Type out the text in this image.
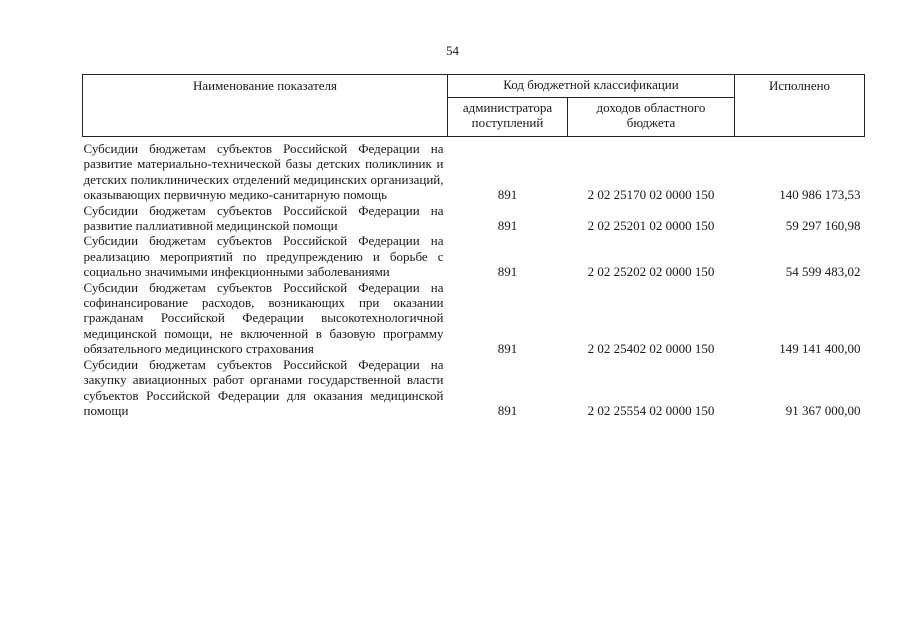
54
Наименование показателя	Код бюджетной классификации		Исполнено
	администратора поступлений	доходов областного бюджета	
Субсидии бюджетам субъектов Российской Федерации на развитие материально-технической базы детских поликлиник и детских поликлинических отделений медицинских организаций, оказывающих первичную медико-санитарную помощь	891	2 02 25170 02 0000 150	140 986 173,53
Субсидии бюджетам субъектов Российской Федерации на развитие паллиативной медицинской помощи	891	2 02 25201 02 0000 150	59 297 160,98
Субсидии бюджетам субъектов Российской Федерации на реализацию мероприятий по предупреждению и борьбе с социально значимыми инфекционными заболеваниями	891	2 02 25202 02 0000 150	54 599 483,02
Субсидии бюджетам субъектов Российской Федерации на софинансирование расходов, возникающих при оказании гражданам Российской Федерации высокотехнологичной медицинской помощи, не включенной в базовую программу обязательного медицинского страхования	891	2 02 25402 02 0000 150	149 141 400,00
Субсидии бюджетам субъектов Российской Федерации на закупку авиационных работ органами государственной власти субъектов Российской Федерации для оказания медицинской помощи	891	2 02 25554 02 0000 150	91 367 000,00
